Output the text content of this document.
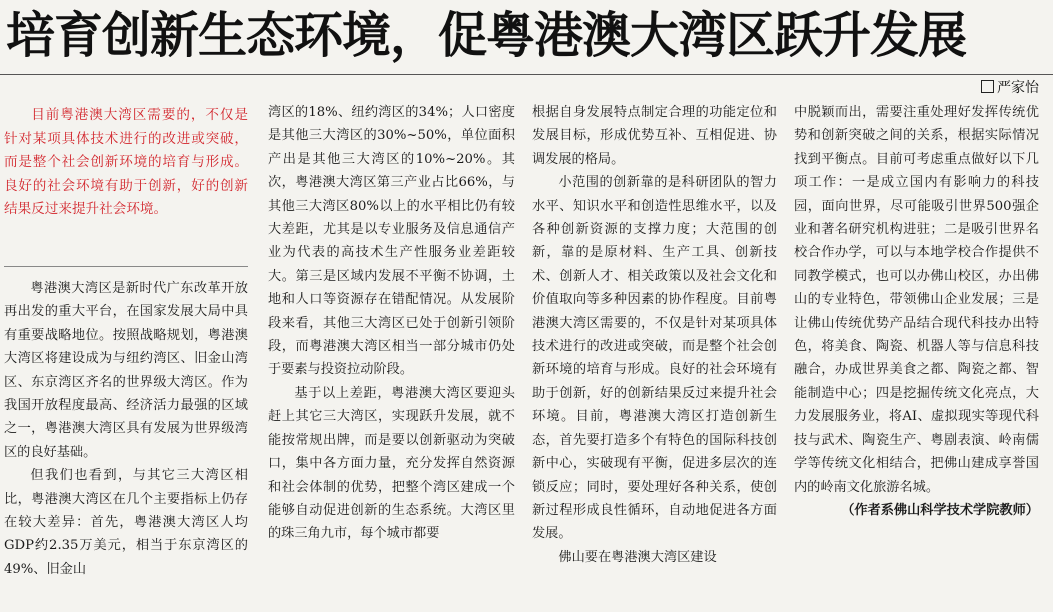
培育创新生态环境，促粤港澳大湾区跃升发展
严家怡
目前粤港澳大湾区需要的，不仅是针对某项具体技术进行的改进或突破，而是整个社会创新环境的培育与形成。良好的社会环境有助于创新，好的创新结果反过来提升社会环境。

粤港澳大湾区是新时代广东改革开放再出发的重大平台，在国家发展大局中具有重要战略地位。按照战略规划，粤港澳大湾区将建设成为与纽约湾区、旧金山湾区、东京湾区齐名的世界级大湾区。作为我国开放程度最高、经济活力最强的区域之一，粤港澳大湾区具有发展为世界级湾区的良好基础。

但我们也看到，与其它三大湾区相比，粤港澳大湾区在几个主要指标上仍存在较大差异：首先，粤港澳大湾区人均GDP约2.35万美元，相当于东京湾区的49%、旧金山

湾区的18%、纽约湾区的34%；人口密度是其他三大湾区的30%~50%，单位面积产出是其他三大湾区的10%~20%。其次，粤港澳大湾区第三产业占比66%，与其他三大湾区80%以上的水平相比仍有较大差距，尤其是以专业服务及信息通信产业为代表的高技术生产性服务业差距较大。第三是区域内发展不平衡不协调，土地和人口等资源存在错配情况。从发展阶段来看，其他三大湾区已处于创新引领阶段，而粤港澳大湾区相当一部分城市仍处于要素与投资拉动阶段。

基于以上差距，粤港澳大湾区要迎头赶上其它三大湾区，实现跃升发展，就不能按常规出牌，而是要以创新驱动为突破口，集中各方面力量，充分发挥自然资源和社会体制的优势，把整个湾区建成一个能够自动促进创新的生态系统。大湾区里的珠三角九市，每个城市都要

根据自身发展特点制定合理的功能定位和发展目标，形成优势互补、互相促进、协调发展的格局。

小范围的创新靠的是科研团队的智力水平、知识水平和创造性思维水平，以及各种创新资源的支撑力度；大范围的创新，靠的是原材料、生产工具、创新技术、创新人才、相关政策以及社会文化和价值取向等多种因素的协作程度。目前粤港澳大湾区需要的，不仅是针对某项具体技术进行的改进或突破，而是整个社会创新环境的培育与形成。良好的社会环境有助于创新，好的创新结果反过来提升社会环境。目前，粤港澳大湾区打造创新生态，首先要打造多个有特色的国际科技创新中心，实破现有平衡，促进多层次的连锁反应；同时，要处理好各种关系，使创新过程形成良性循环，自动地促进各方面发展。

佛山要在粤港澳大湾区建设

中脱颖而出，需要注重处理好发挥传统优势和创新突破之间的关系，根据实际情况找到平衡点。目前可考虑重点做好以下几项工作：一是成立国内有影响力的科技园，面向世界，尽可能吸引世界500强企业和著名研究机构进驻；二是吸引世界名校合作办学，可以与本地学校合作提供不同教学模式，也可以办佛山校区，办出佛山的专业特色，带领佛山企业发展；三是让佛山传统优势产品结合现代科技办出特色，将美食、陶瓷、机器人等与信息科技融合，办成世界美食之都、陶瓷之都、智能制造中心；四是挖掘传统文化亮点，大力发展服务业，将AI、虚拟现实等现代科技与武术、陶瓷生产、粤剧表演、岭南儒学等传统文化相结合，把佛山建成享誉国内的岭南文化旅游名城。

（作者系佛山科学技术学院教师）
